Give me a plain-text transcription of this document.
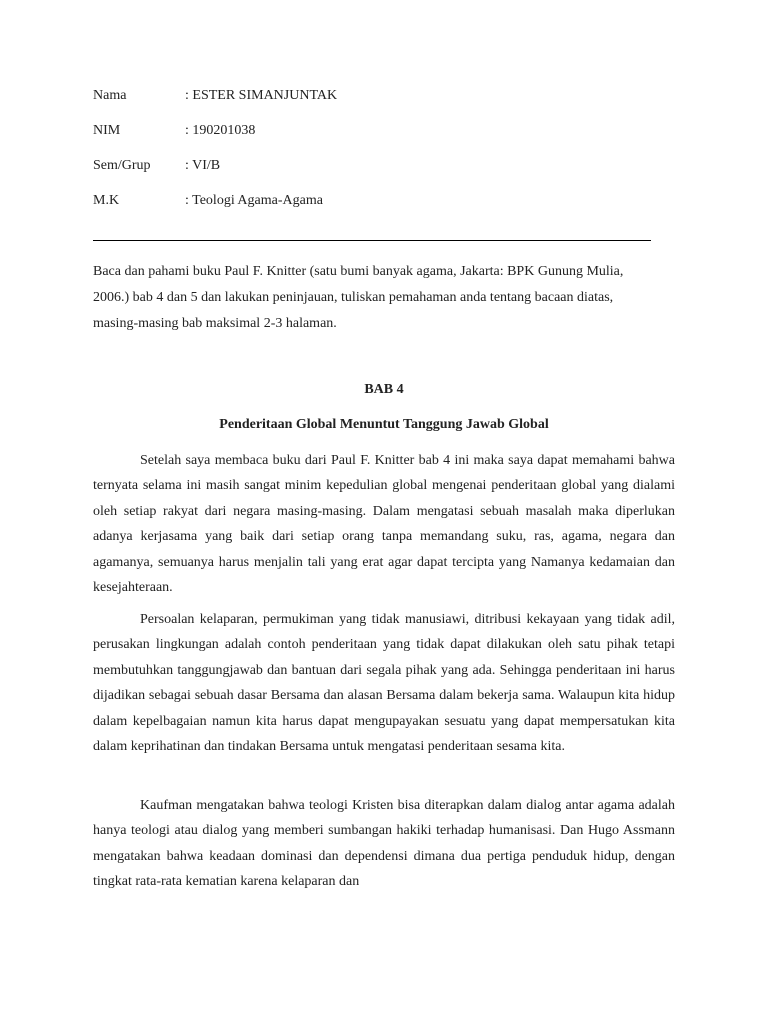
Nama	: ESTER SIMANJUNTAK
NIM	: 190201038
Sem/Grup : VI/B
M.K	: Teologi Agama-Agama

Baca dan pahami buku Paul F. Knitter (satu bumi banyak agama, Jakarta: BPK Gunung Mulia, 2006.) bab 4 dan 5 dan lakukan peninjauan, tuliskan pemahaman anda tentang bacaan diatas, masing-masing bab maksimal 2-3 halaman.

BAB 4
Penderitaan Global Menuntut Tanggung Jawab Global

Setelah saya membaca buku dari Paul F. Knitter bab 4 ini maka saya dapat memahami bahwa ternyata selama ini masih sangat minim kepedulian global mengenai penderitaan global yang dialami oleh setiap rakyat dari negara masing-masing. Dalam mengatasi sebuah masalah maka diperlukan adanya kerjasama yang baik dari setiap orang tanpa memandang suku, ras, agama, negara dan agamanya, semuanya harus menjalin tali yang erat agar dapat tercipta yang Namanya kedamaian dan kesejahteraan.

Persoalan kelaparan, permukiman yang tidak manusiawi, ditribusi kekayaan yang tidak adil, perusakan lingkungan adalah contoh penderitaan yang tidak dapat dilakukan oleh satu pihak tetapi membutuhkan tanggungjawab dan bantuan dari segala pihak yang ada. Sehingga penderitaan ini harus dijadikan sebagai sebuah dasar Bersama dan alasan Bersama dalam bekerja sama. Walaupun kita hidup dalam kepelbagaian namun kita harus dapat mengupayakan sesuatu yang dapat mempersatukan kita dalam keprihatinan dan tindakan Bersama untuk mengatasi penderitaan sesama kita.

Kaufman mengatakan bahwa teologi Kristen bisa diterapkan dalam dialog antar agama adalah hanya teologi atau dialog yang memberi sumbangan hakiki terhadap humanisasi. Dan Hugo Assmann mengatakan bahwa keadaan dominasi dan dependensi dimana dua pertiga penduduk hidup, dengan tingkat rata-rata kematian karena kelaparan dan
